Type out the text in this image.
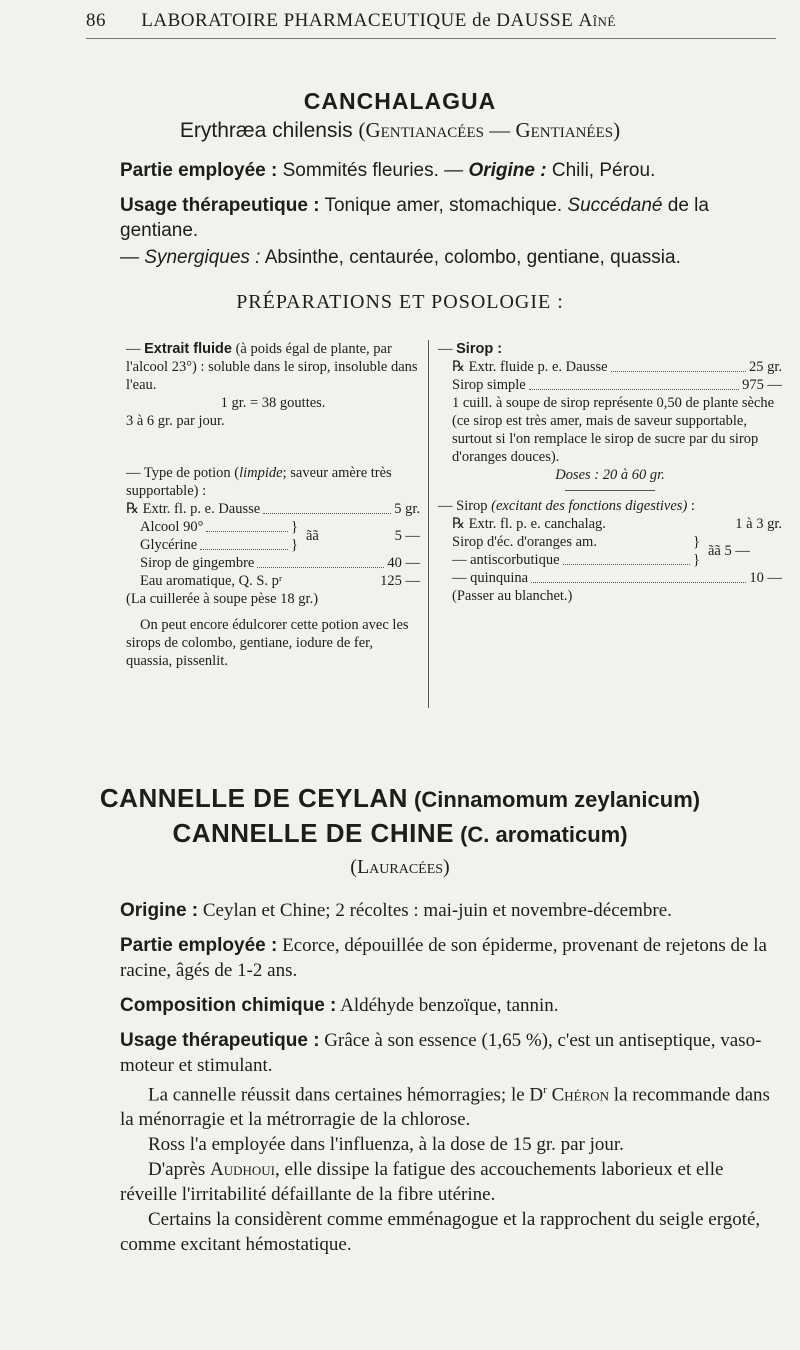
86 LABORATOIRE PHARMACEUTIQUE de DAUSSE Aîné
CANCHALAGUA
Erythræa chilensis (Gentianacées — Gentianées)
Partie employée : Sommités fleuries. — Origine : Chili, Pérou.
Usage thérapeutique : Tonique amer, stomachique. Succédané de la gentiane.
— Synergiques : Absinthe, centaurée, colombo, gentiane, quassia.
PRÉPARATIONS ET POSOLOGIE :
— Extrait fluide (à poids égal de plante, par l'alcool 23°) : soluble dans le sirop, insoluble dans l'eau.
1 gr. = 38 gouttes.
3 à 6 gr. par jour.
— Type de potion (limpide; saveur amère très supportable) :
℞ Extr. fl. p. e. Dausse	5 gr.
Alcool 90°	}
Glycérine	}
ãã	5 —
Sirop de gingembre	40 —
Eau aromatique, Q. S. pʳ	125 —
(La cuillerée à soupe pèse 18 gr.)
On peut encore édulcorer cette potion avec les sirops de colombo, gentiane, iodure de fer, quassia, pissenlit.
— Sirop :
℞ Extr. fluide p. e. Dausse	25 gr.
Sirop simple	975 —
1 cuill. à soupe de sirop représente 0,50 de plante sèche (ce sirop est très amer, mais de saveur supportable, surtout si l'on remplace le sirop de sucre par du sirop d'oranges douces).
Doses : 20 à 60 gr.
— Sirop (excitant des fonctions digestives) :
℞ Extr. fl. p. e. canchalag.	1 à 3 gr.
Sirop d'éc. d'oranges am.	}
— antiscorbutique	}
ãã 5 —
— quinquina	10 —
(Passer au blanchet.)
CANNELLE DE CEYLAN (Cinnamomum zeylanicum)
CANNELLE DE CHINE (C. aromaticum)
(Lauracées)

Origine : Ceylan et Chine; 2 récoltes : mai-juin et novembre-décembre.

Partie employée : Ecorce, dépouillée de son épiderme, provenant de rejetons de la racine, âgés de 1-2 ans.

Composition chimique : Aldéhyde benzoïque, tannin.

Usage thérapeutique : Grâce à son essence (1,65 %), c'est un antiseptique, vaso-moteur et stimulant.

La cannelle réussit dans certaines hémorragies; le $D^r$ Chéron la recommande dans la ménorragie et la métrorragie de la chlorose.

Ross l'a employée dans l'influenza, à la dose de 15 gr. par jour.

D'après Audhoui, elle dissipe la fatigue des accouchements laborieux et elle réveille l'irritabilité défaillante de la fibre utérine.

Certains la considèrent comme emménagogue et la rapprochent du seigle ergoté, comme excitant hémostatique.
